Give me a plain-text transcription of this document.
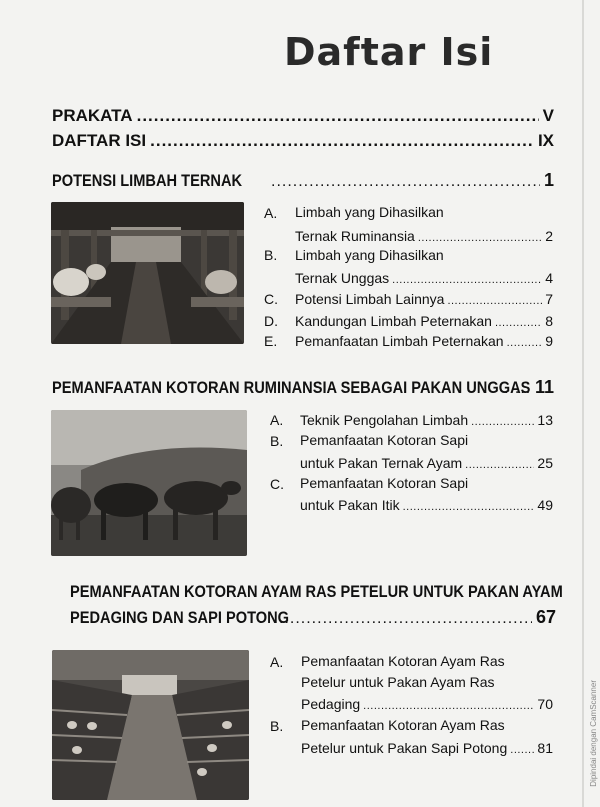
Daftar Isi
PRAKATA .....	V
DAFTAR ISI .....	IX
POTENSI LIMBAH TERNAK .....	1
A. Limbah yang Dihasilkan
Ternak Ruminansia .....	2
B. Limbah yang Dihasilkan
Ternak Unggas .....	4
C. Potensi Limbah Lainnya .....	7
D. Kandungan Limbah Peternakan .....	8
E. Pemanfaatan Limbah Peternakan .....	9
PEMANFAATAN KOTORAN RUMINANSIA SEBAGAI PAKAN UNGGAS ..... 11
A. Teknik Pengolahan Limbah .....	13
B. Pemanfaatan Kotoran Sapi
untuk Pakan Ternak Ayam .....	25
C. Pemanfaatan Kotoran Sapi
untuk Pakan Itik .....	49
PEMANFAATAN KOTORAN AYAM RAS PETELUR UNTUK PAKAN AYAM
PEDAGING DAN SAPI POTONG .....	67
A. Pemanfaatan Kotoran Ayam Ras
Petelur untuk Pakan Ayam Ras
Pedaging .....	70
B. Pemanfaatan Kotoran Ayam Ras
Petelur untuk Pakan Sapi Potong ..... 81	Dipindai dengan CamScanner
